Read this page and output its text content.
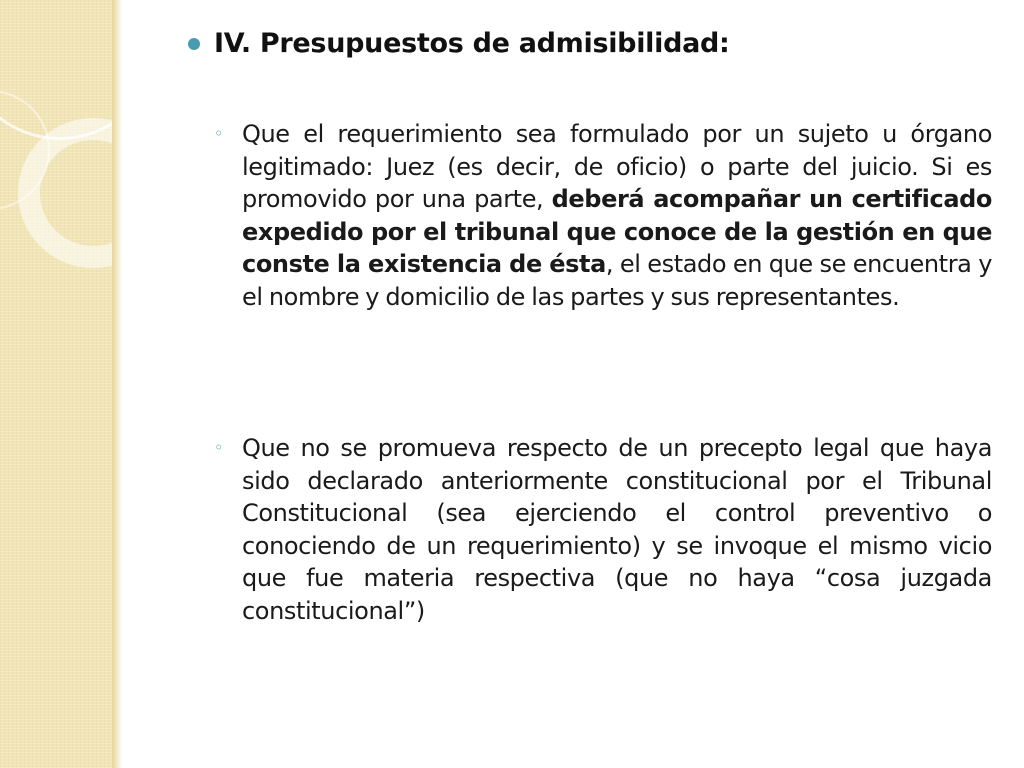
IV. Presupuestos de admisibilidad:
◦ Que el requerimiento sea formulado por un sujeto u órgano legitimado: Juez (es decir, de oficio) o parte del juicio. Si es promovido por una parte, deberá acompañar un certificado expedido por el tribunal que conoce de la gestión en que conste la existencia de ésta, el estado en que se encuentra y el nombre y domicilio de las partes y sus representantes.
◦ Que no se promueva respecto de un precepto legal que haya sido declarado anteriormente constitucional por el Tribunal Constitucional (sea ejerciendo el control preventivo o conociendo de un requerimiento) y se invoque el mismo vicio que fue materia respectiva (que no haya “cosa juzgada constitucional”)
